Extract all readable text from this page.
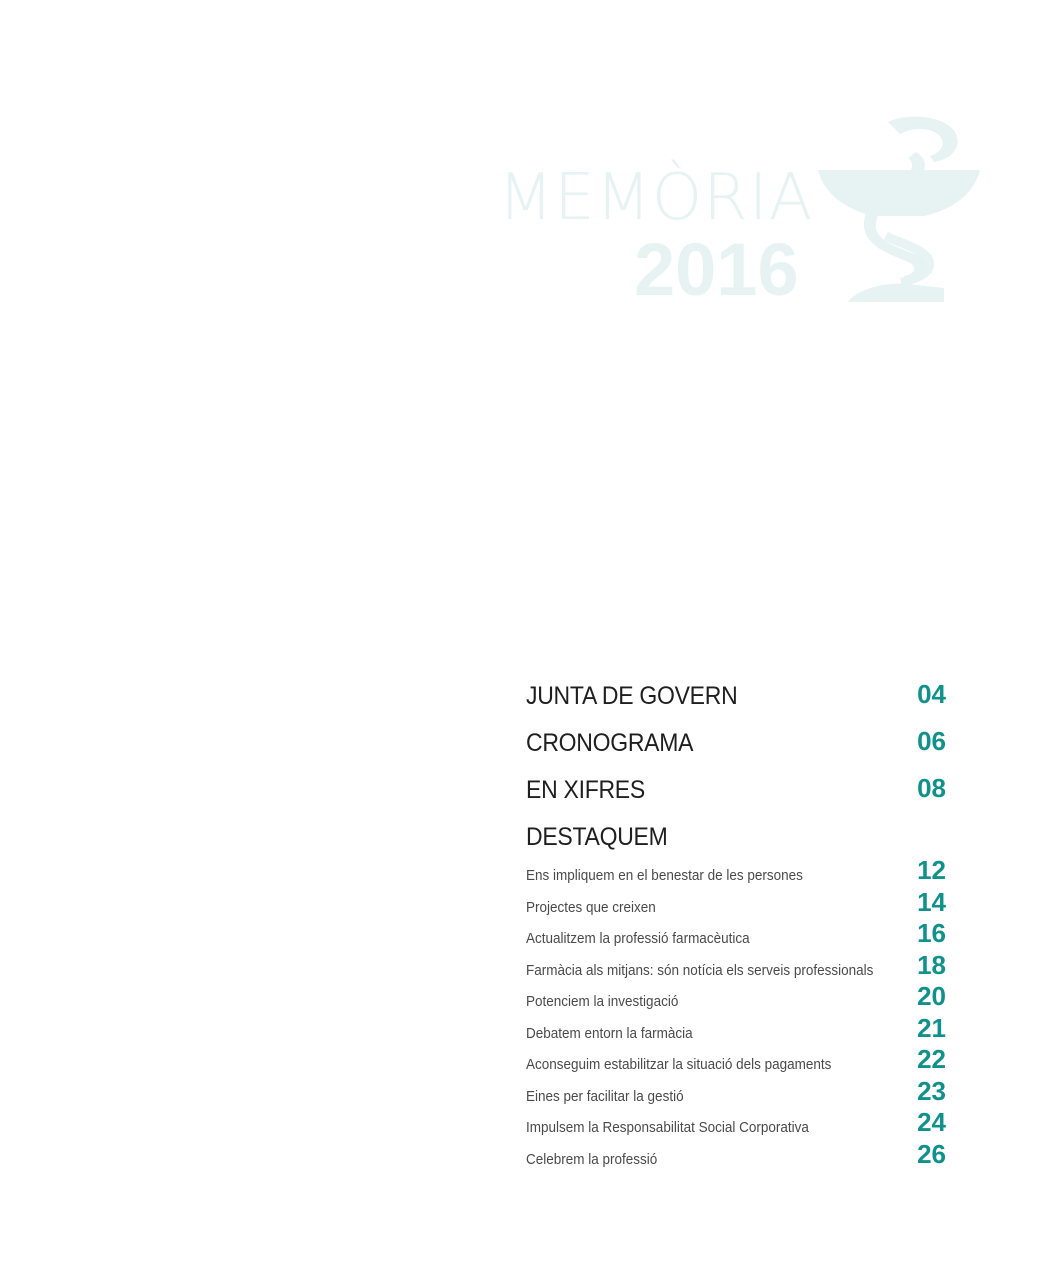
MEMÒRIA
2016
JUNTA DE GOVERN	04
CRONOGRAMA	06
EN XIFRES	08
DESTAQUEM
Ens impliquem en el benestar de les persones	12
Projectes que creixen	14
Actualitzem la professió farmacèutica	16
Farmàcia als mitjans: són notícia els serveis professionals 18
Potenciem la investigació	20
Debatem entorn la farmàcia	21
Aconseguim estabilitzar la situació dels pagaments	22
Eines per facilitar la gestió	23
Impulsem la Responsabilitat Social Corporativa	24
Celebrem la professió	26
